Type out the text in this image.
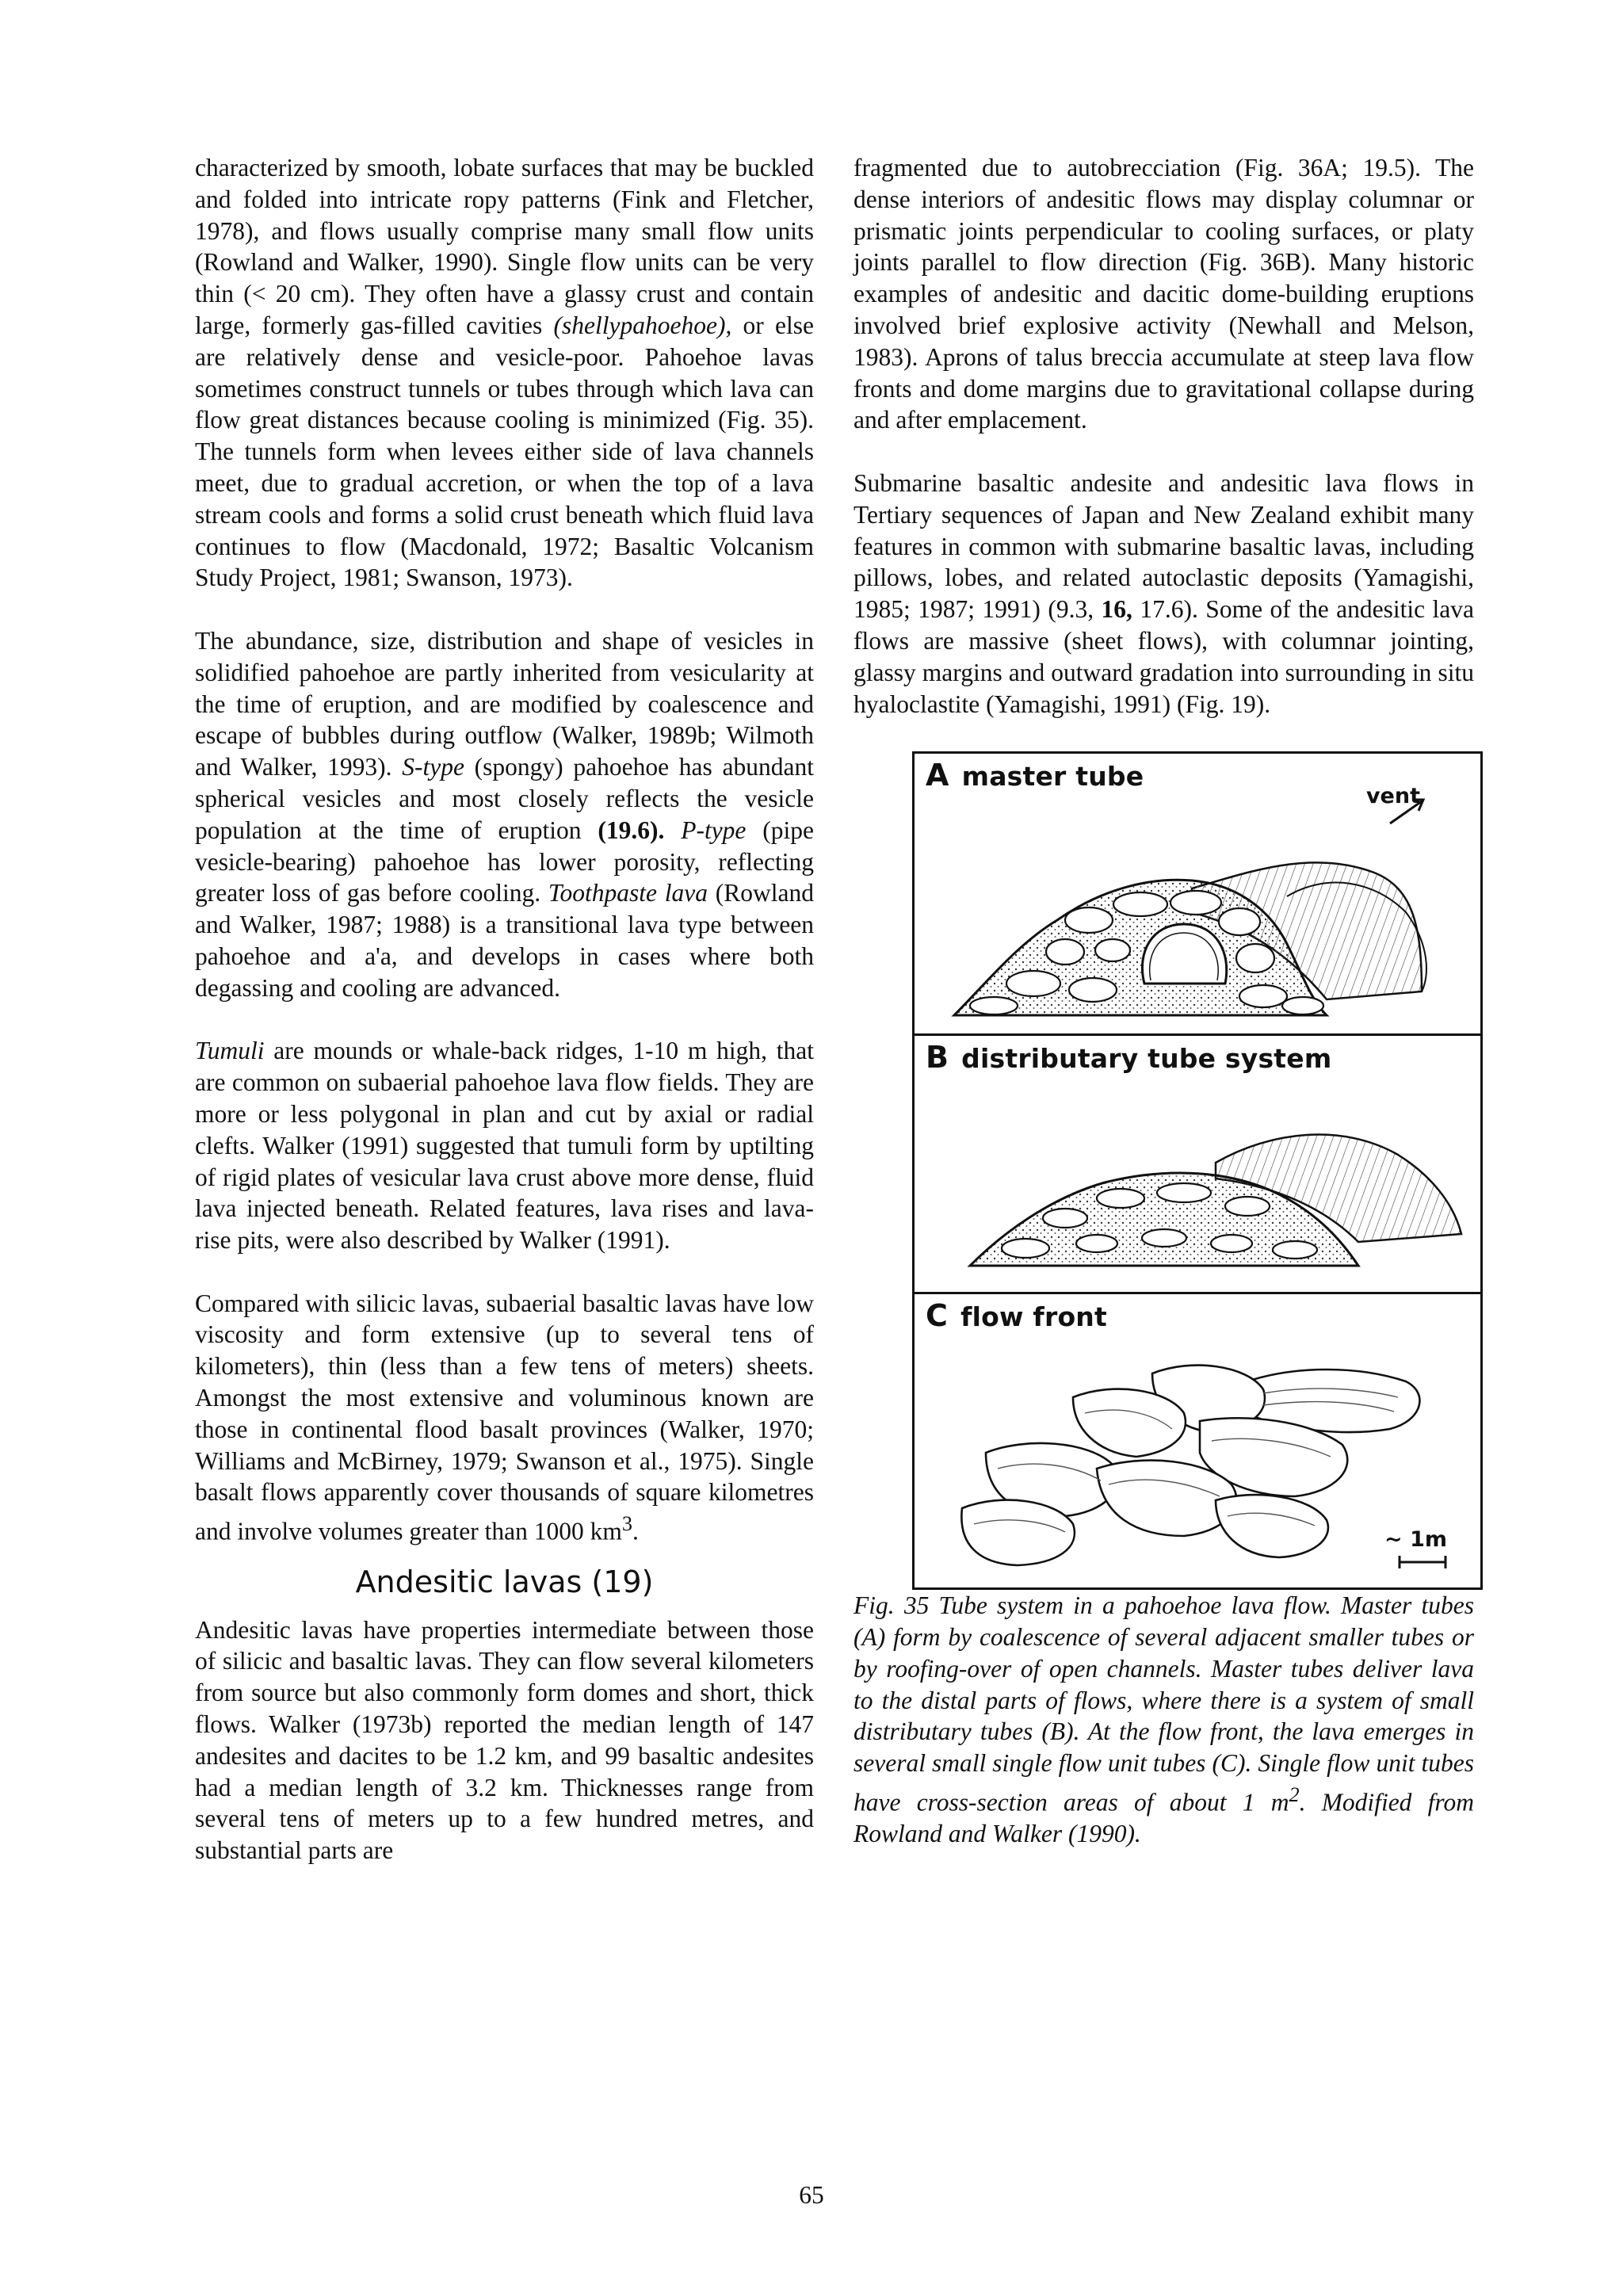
characterized by smooth, lobate surfaces that may be buckled and folded into intricate ropy patterns (Fink and Fletcher, 1978), and flows usually comprise many small flow units (Rowland and Walker, 1990). Single flow units can be very thin (< 20 cm). They often have a glassy crust and contain large, formerly gas-filled cavities (shellypahoehoe), or else are relatively dense and vesicle-poor. Pahoehoe lavas sometimes construct tunnels or tubes through which lava can flow great distances because cooling is minimized (Fig. 35). The tunnels form when levees either side of lava channels meet, due to gradual accretion, or when the top of a lava stream cools and forms a solid crust beneath which fluid lava continues to flow (Macdonald, 1972; Basaltic Volcanism Study Project, 1981; Swanson, 1973).

The abundance, size, distribution and shape of vesicles in solidified pahoehoe are partly inherited from vesicularity at the time of eruption, and are modified by coalescence and escape of bubbles during outflow (Walker, 1989b; Wilmoth and Walker, 1993). S-type (spongy) pahoehoe has abundant spherical vesicles and most closely reflects the vesicle population at the time of eruption (19.6). P-type (pipe vesicle-bearing) pahoehoe has lower porosity, reflecting greater loss of gas before cooling. Toothpaste lava (Rowland and Walker, 1987; 1988) is a transitional lava type between pahoehoe and a'a, and develops in cases where both degassing and cooling are advanced.

Tumuli are mounds or whale-back ridges, 1-10 m high, that are common on subaerial pahoehoe lava flow fields. They are more or less polygonal in plan and cut by axial or radial clefts. Walker (1991) suggested that tumuli form by uptilting of rigid plates of vesicular lava crust above more dense, fluid lava injected beneath. Related features, lava rises and lava-rise pits, were also described by Walker (1991).

Compared with silicic lavas, subaerial basaltic lavas have low viscosity and form extensive (up to several tens of kilometers), thin (less than a few tens of meters) sheets. Amongst the most extensive and voluminous known are those in continental flood basalt provinces (Walker, 1970; Williams and McBirney, 1979; Swanson et al., 1975). Single basalt flows apparently cover thousands of square kilometres and involve volumes greater than 1000 $km^3$.

Andesitic lavas (19)

Andesitic lavas have properties intermediate between those of silicic and basaltic lavas. They can flow several kilometers from source but also commonly form domes and short, thick flows. Walker (1973b) reported the median length of 147 andesites and dacites to be 1.2 km, and 99 basaltic andesites had a median length of 3.2 km. Thicknesses range from several tens of meters up to a few hundred metres, and substantial parts are

fragmented due to autobrecciation (Fig. 36A; 19.5). The dense interiors of andesitic flows may display columnar or prismatic joints perpendicular to cooling surfaces, or platy joints parallel to flow direction (Fig. 36B). Many historic examples of andesitic and dacitic dome-building eruptions involved brief explosive activity (Newhall and Melson, 1983). Aprons of talus breccia accumulate at steep lava flow fronts and dome margins due to gravitational collapse during and after emplacement.

Submarine basaltic andesite and andesitic lava flows in Tertiary sequences of Japan and New Zealand exhibit many features in common with submarine basaltic lavas, including pillows, lobes, and related autoclastic deposits (Yamagishi, 1985; 1987; 1991) (9.3, 16, 17.6). Some of the andesitic lava flows are massive (sheet flows), with columnar jointing, glassy margins and outward gradation into surrounding in situ hyaloclastite (Yamagishi, 1991) (Fig. 19).

A master tube
vent
B distributary tube system
C flow front
~ 1m

Fig. 35 Tube system in a pahoehoe lava flow. Master tubes (A) form by coalescence of several adjacent smaller tubes or by roofing-over of open channels. Master tubes deliver lava to the distal parts of flows, where there is a system of small distributary tubes (B). At the flow front, the lava emerges in several small single flow unit tubes (C). Single flow unit tubes have cross-section areas of about 1 $m^2$. Modified from Rowland and Walker (1990).

65
